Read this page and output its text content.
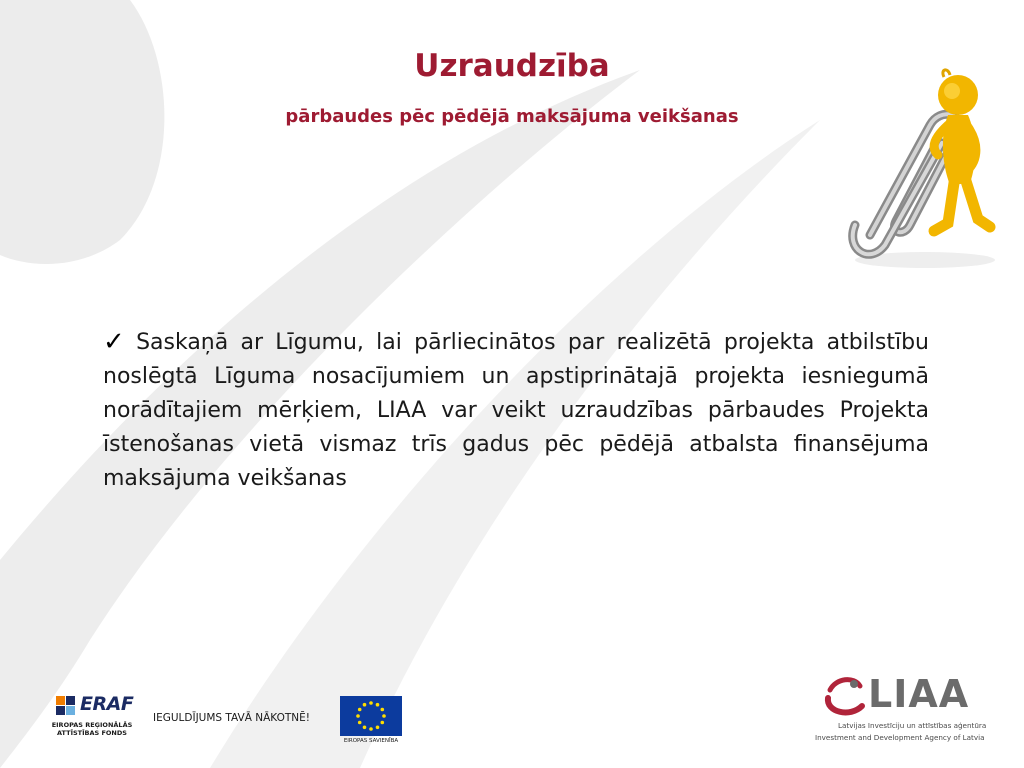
Uzraudzība
pārbaudes pēc pēdējā maksājuma veikšanas

✓ Saskaņā ar Līgumu, lai pārliecinātos par realizētā projekta atbilstību noslēgtā Līguma nosacījumiem un apstiprinātajā projekta iesniegumā norādītajiem mērķiem, LIAA var veikt uzraudzības pārbaudes Projekta īstenošanas vietā vismaz trīs gadus pēc pēdējā atbalsta finansējuma maksājuma veikšanas

ERAF
EIROPAS REĢIONĀLĀS ATTĪSTĪBAS FONDS
IEGULDĪJUMS TAVĀ NĀKOTNĒ!
EIROPAS SAVIENĪBA
LIAA
Latvijas Investīciju un attīstības aģentūra
Investment and Development Agency of Latvia
